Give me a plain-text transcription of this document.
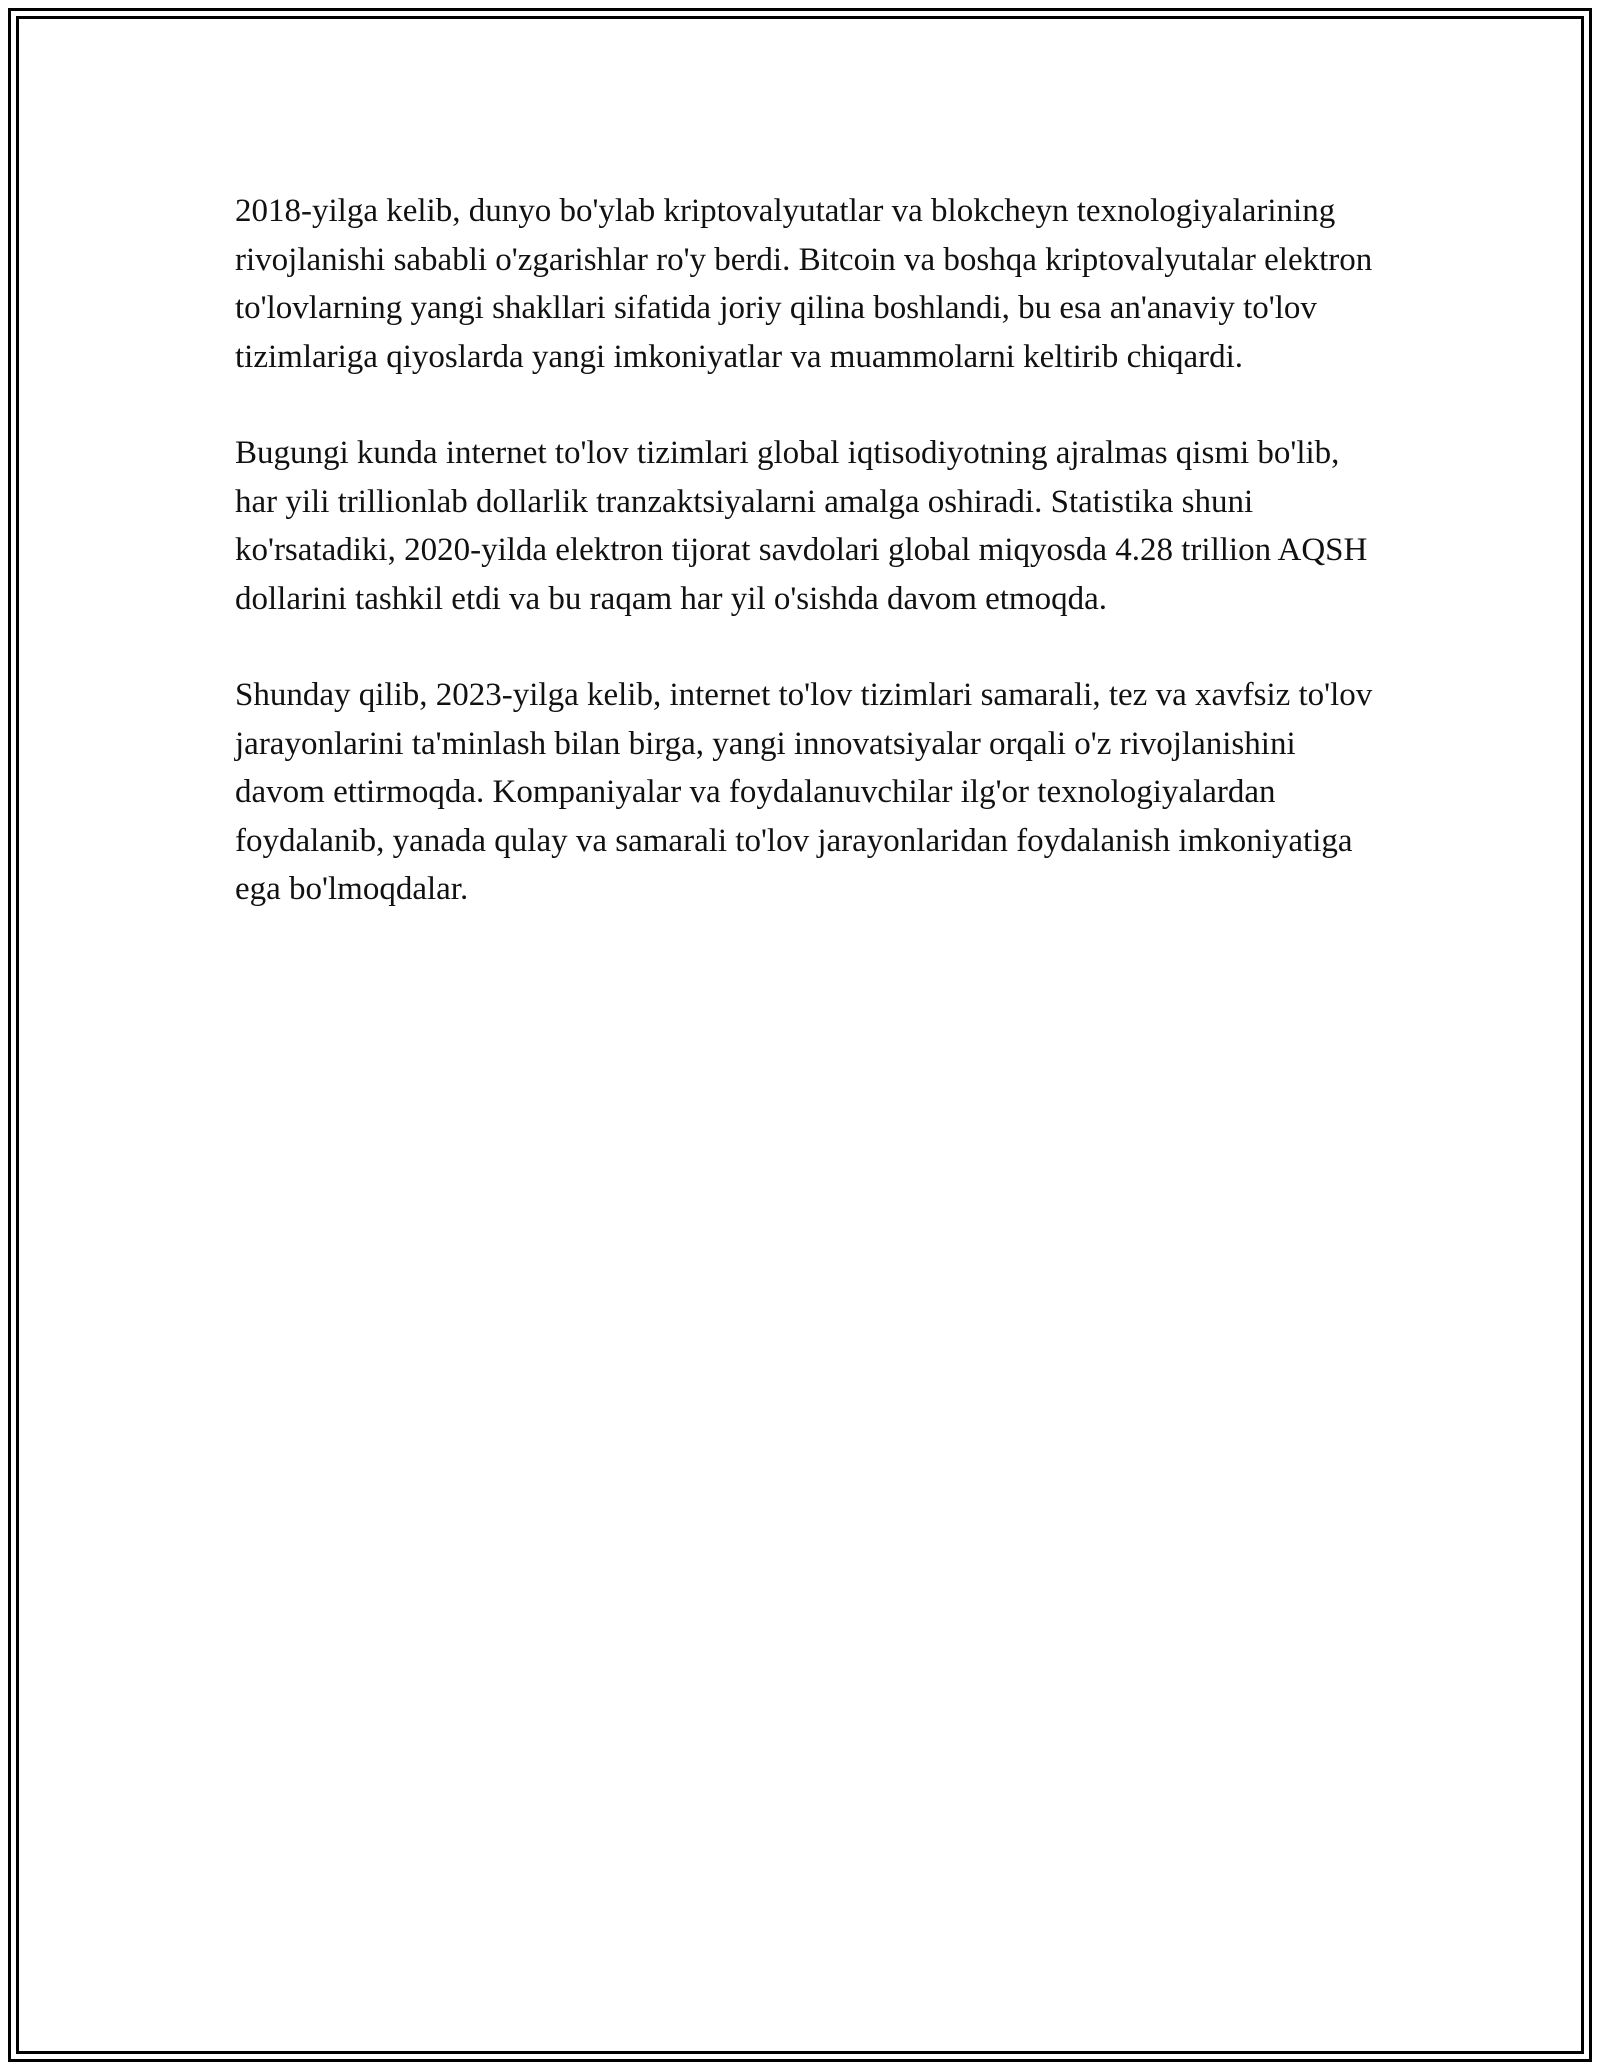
2018-yilga kelib, dunyo bo'ylab kriptovalyutatlar va blokcheyn texnologiyalarining rivojlanishi sababli o'zgarishlar ro'y berdi. Bitcoin va boshqa kriptovalyutalar elektron to'lovlarning yangi shakllari sifatida joriy qilina boshlandi, bu esa an'anaviy to'lov tizimlariga qiyoslarda yangi imkoniyatlar va muammolarni keltirib chiqardi.

Bugungi kunda internet to'lov tizimlari global iqtisodiyotning ajralmas qismi bo'lib, har yili trillionlab dollarlik tranzaktsiyalarni amalga oshiradi. Statistika shuni ko'rsatadiki, 2020-yilda elektron tijorat savdolari global miqyosda 4.28 trillion AQSH dollarini tashkil etdi va bu raqam har yil o'sishda davom etmoqda.

Shunday qilib, 2023-yilga kelib, internet to'lov tizimlari samarali, tez va xavfsiz to'lov jarayonlarini ta'minlash bilan birga, yangi innovatsiyalar orqali o'z rivojlanishini davom ettirmoqda. Kompaniyalar va foydalanuvchilar ilg'or texnologiyalardan foydalanib, yanada qulay va samarali to'lov jarayonlaridan foydalanish imkoniyatiga ega bo'lmoqdalar.
